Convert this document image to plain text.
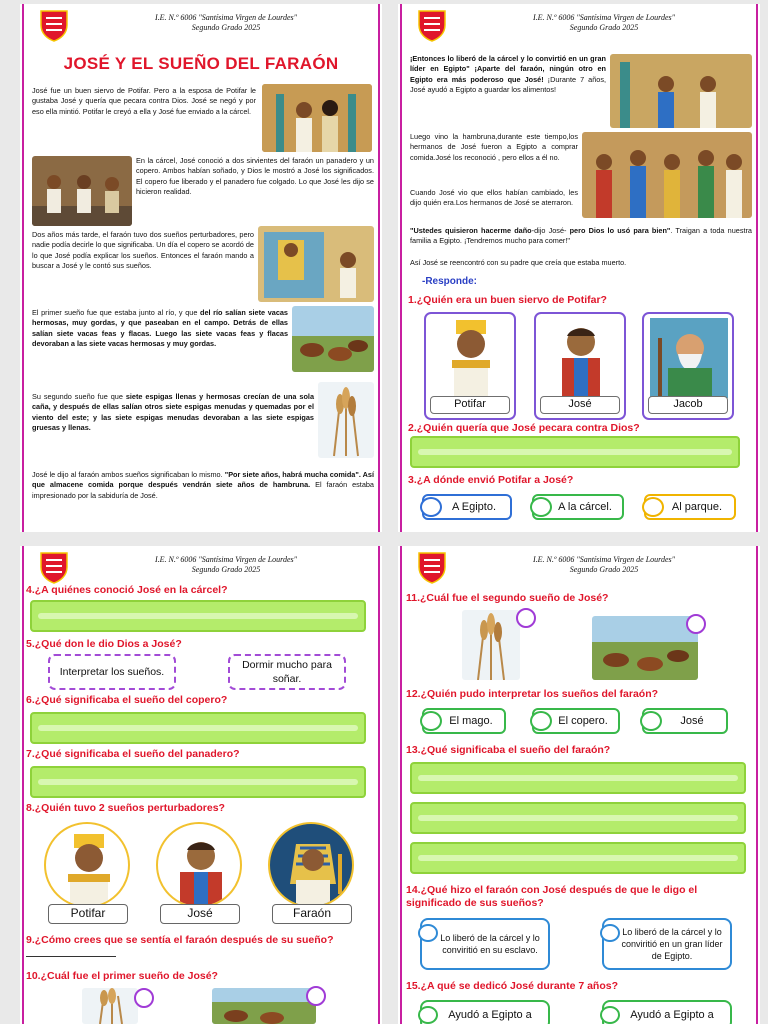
I.E. N.º 6006 "Santísima Virgen de Lourdes"
Segundo Grado 2025
JOSÉ Y EL SUEÑO DEL FARAÓN
José fue un buen siervo de Potifar. Pero a la esposa de Potifar le gustaba José y quería que pecara contra Dios. José se negó y por eso ella mintió. Potifar le creyó a ella y José fue enviado a la cárcel.
En la cárcel, José conoció a dos sirvientes del faraón un panadero y un copero. Ambos habían soñado, y Dios le mostró a José los significados. El copero fue liberado y el panadero fue colgado. Lo que José les dijo se hicieron realidad.
Dos años más tarde, el faraón tuvo dos sueños perturbadores, pero nadie podía decirle lo que significaba. Un día el copero se acordó de lo que José podía explicar los sueños. Entonces el faraón mando a buscar a José y le contó sus sueños.
El primer sueño fue que estaba junto al río, y que del río salían siete vacas hermosas, muy gordas, y que paseaban en el campo. Detrás de ellas salían siete vacas feas y flacas. Luego las siete vacas feas y flacas devoraban a las siete vacas hermosas y muy gordas.
Su segundo sueño fue que siete espigas llenas y hermosas crecían de una sola caña, y después de ellas salían otros siete espigas menudas y quemadas por el viento del este; y las siete espigas menudas devoraban a las siete espigas gruesas y llenas.
José le dijo al faraón ambos sueños significaban lo mismo. "Por siete años, habrá mucha comida". Así que almacene comida porque después vendrán siete años de hambruna. El faraón estaba impresionado por la sabiduría de José.
I.E. N.º 6006 "Santísima Virgen de Lourdes"
Segundo Grado 2025
¡Entonces lo liberó de la cárcel y lo convirtió en un gran líder en Egipto" ¡Aparte del faraón, ningún otro en Egipto era más poderoso que José! ¡Durante 7 años, José ayudó a Egipto a guardar los alimentos!
Luego vino la hambruna,durante este tiempo,los hermanos de José fueron a Egipto a comprar comida.José los reconoció , pero ellos a él no.
Cuando José vio que ellos habían cambiado, les dijo quién era.Los hermanos de José se aterraron.
"Ustedes quisieron hacerme daño-dijo José- pero Dios lo usó para bien". Traigan a toda nuestra familia a Egipto. ¡Tendremos mucho para comer!"
Así José se reencontró con su padre que creía que estaba muerto.
-Responde:
1.¿Quién era un buen siervo de Potifar?
Potifar	José	Jacob
2.¿Quién quería que José pecara contra Dios?
3.¿A dónde envió Potifar a José?
A Egipto.	A la cárcel.	Al parque.
I.E. N.º 6006 "Santísima Virgen de Lourdes"
Segundo Grado 2025
4.¿A quiénes conoció José en la cárcel?
5.¿Qué don le dio Dios a José?
Interpretar los sueños.
Dormir mucho para soñar.
6.¿Qué significaba el sueño del copero?
7.¿Qué significaba el sueño del panadero?
8.¿Quién tuvo 2 sueños perturbadores?
Potifar	José	Faraón
9.¿Cómo crees que se sentía el faraón después de su sueño?
10.¿Cuál fue el primer sueño de José?
I.E. N.º 6006 "Santísima Virgen de Lourdes"
Segundo Grado 2025
11.¿Cuál fue el segundo sueño de José?
12.¿Quién pudo interpretar los sueños del faraón?
El mago.	El copero.	José
13.¿Qué significaba el sueño del faraón?
14.¿Qué hizo el faraón con José después de que le digo el significado de sus sueños?
Lo liberó de la cárcel y lo conviritió en su esclavo.
Lo liberó de la cárcel y lo conviritió en un gran líder de Egipto.
15.¿A qué se dedicó José durante 7 años?
Ayudó a Egipto a	Ayudó a Egipto a
